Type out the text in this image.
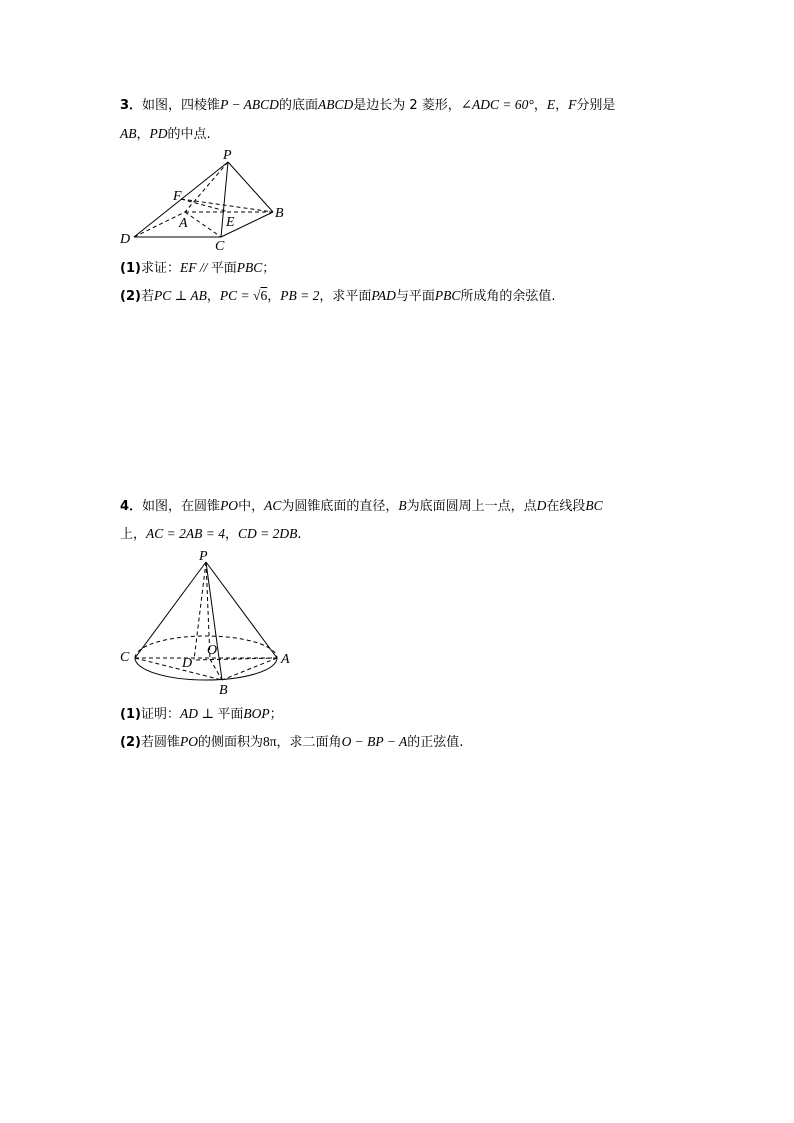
3．如图，四棱锥P − ABCD的底面ABCD是边长为 2 菱形，∠ADC = 60°，E，F分别是
AB，PD的中点.
P
F
A	E
B
D	C
(1)求证：EF // 平面PBC；
(2)若PC ⊥ AB，PC = √6，PB = 2，求平面PAD与平面PBC所成角的余弦值.
4．如图，在圆锥PO中，AC为圆锥底面的直径，B为底面圆周上一点，点D在线段BC
上，AC = 2AB = 4，CD = 2DB.
P
C	O
A
D
B
(1)证明：AD ⊥ 平面BOP；
(2)若圆锥PO的侧面积为8π，求二面角O − BP − A的正弦值.
